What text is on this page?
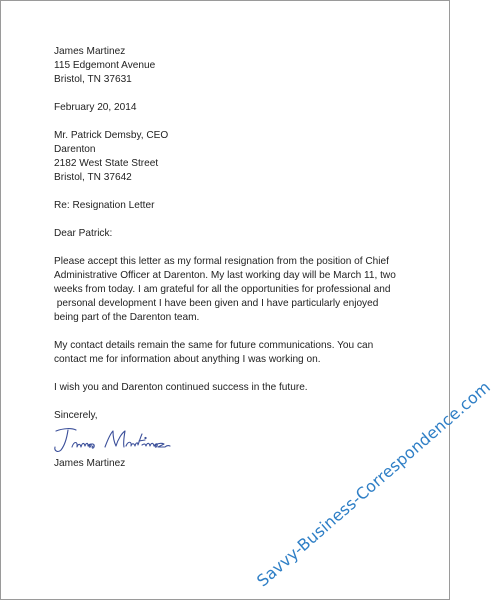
James Martinez
115 Edgemont Avenue
Bristol, TN 37631
February 20, 2014
Mr. Patrick Demsby, CEO
Darenton
2182 West State Street
Bristol, TN 37642
Re: Resignation Letter
Dear Patrick:
Please accept this letter as my formal resignation from the position of Chief
Administrative Officer at Darenton. My last working day will be March 11, two
weeks from today. I am grateful for all the opportunities for professional and
personal development I have been given and I have particularly enjoyed
being part of the Darenton team.
My contact details remain the same for future communications. You can
contact me for information about anything I was working on.
I wish you and Darenton continued success in the future.
Sincerely,
James Martinez	Savvy-Business-Correspondence.com
